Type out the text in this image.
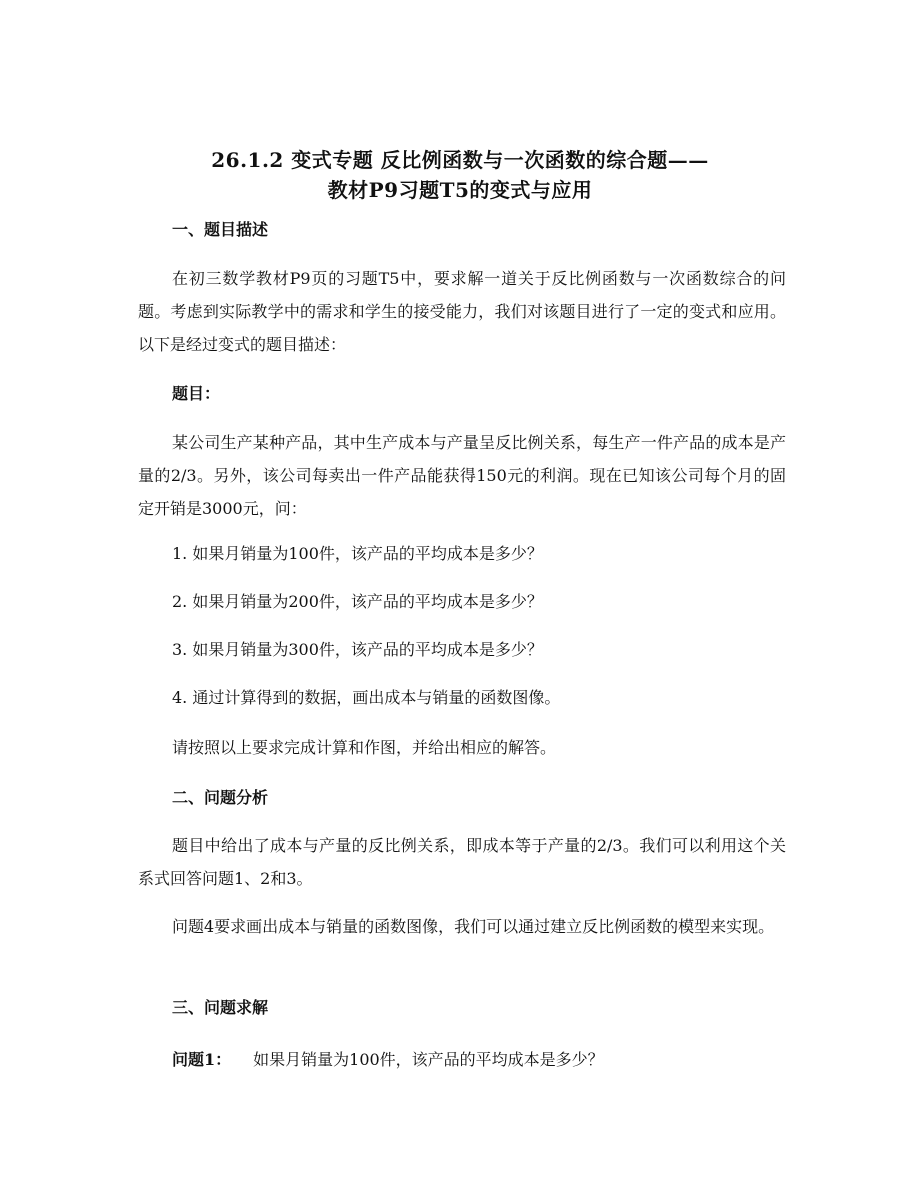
26.1.2 变式专题 反比例函数与一次函数的综合题——
教材P9习题T5的变式与应用
一、题目描述
在初三数学教材P9页的习题T5中，要求解一道关于反比例函数与一次函数综合的问题。考虑到实际教学中的需求和学生的接受能力，我们对该题目进行了一定的变式和应用。以下是经过变式的题目描述：
题目：
某公司生产某种产品，其中生产成本与产量呈反比例关系，每生产一件产品的成本是产量的2/3。另外，该公司每卖出一件产品能获得150元的利润。现在已知该公司每个月的固定开销是3000元，问：
1. 如果月销量为100件，该产品的平均成本是多少？
2. 如果月销量为200件，该产品的平均成本是多少？
3. 如果月销量为300件，该产品的平均成本是多少？
4. 通过计算得到的数据，画出成本与销量的函数图像。
请按照以上要求完成计算和作图，并给出相应的解答。
二、问题分析
题目中给出了成本与产量的反比例关系，即成本等于产量的2/3。我们可以利用这个关系式回答问题1、2和3。
问题4要求画出成本与销量的函数图像，我们可以通过建立反比例函数的模型来实现。
三、问题求解
问题1： 如果月销量为100件，该产品的平均成本是多少？
